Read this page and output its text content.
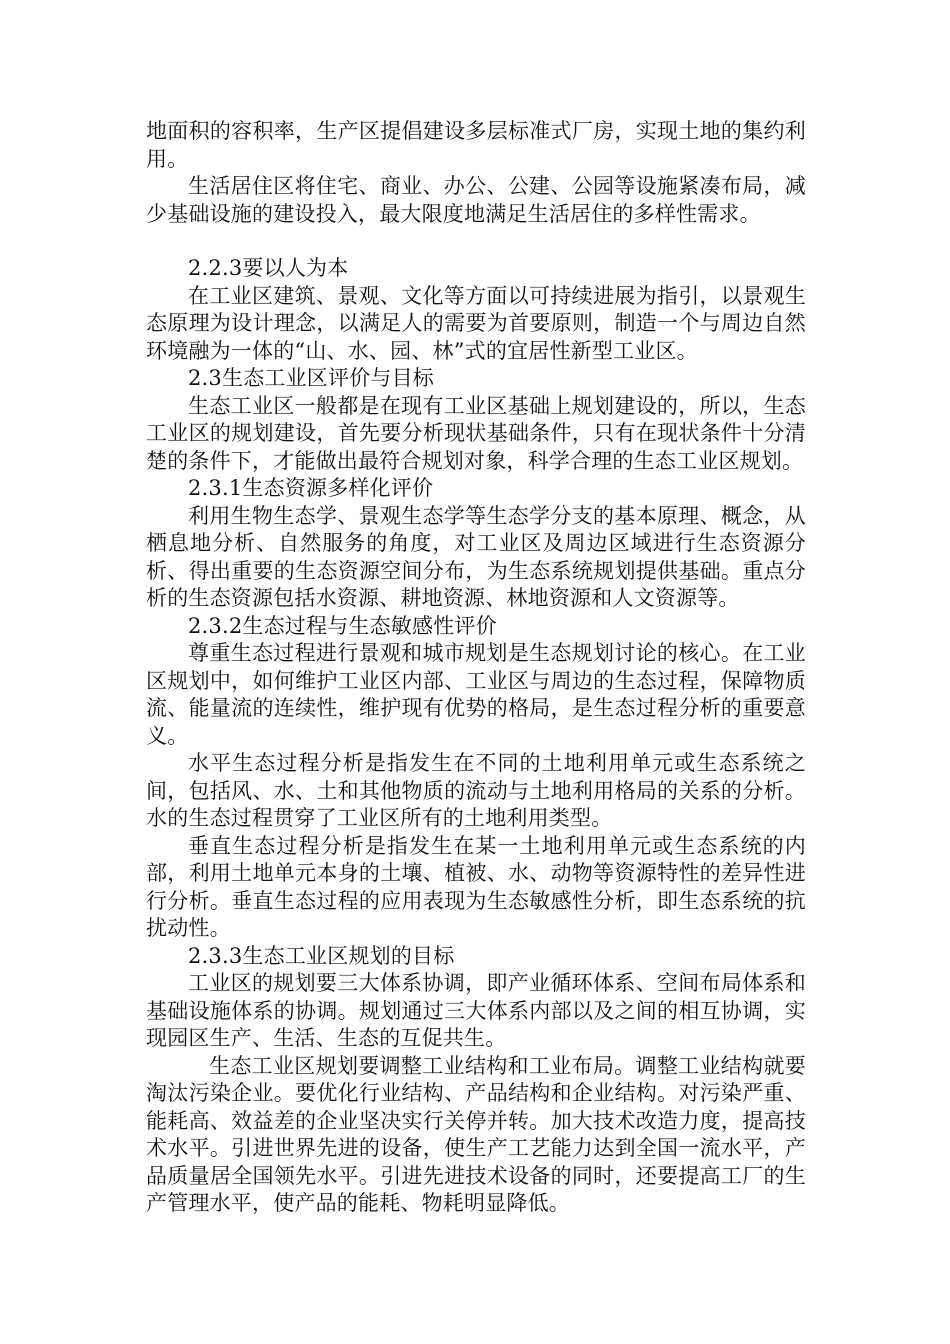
地面积的容积率，生产区提倡建设多层标准式厂房，实现土地的集约利用。

生活居住区将住宅、商业、办公、公建、公园等设施紧凑布局，减少基础设施的建设投入，最大限度地满足生活居住的多样性需求。

2.2.3要以人为本

在工业区建筑、景观、文化等方面以可持续进展为指引，以景观生态原理为设计理念，以满足人的需要为首要原则，制造一个与周边自然环境融为一体的“山、水、园、林”式的宜居性新型工业区。

2.3生态工业区评价与目标

生态工业区一般都是在现有工业区基础上规划建设的，所以，生态工业区的规划建设，首先要分析现状基础条件，只有在现状条件十分清楚的条件下，才能做出最符合规划对象，科学合理的生态工业区规划。

2.3.1生态资源多样化评价

利用生物生态学、景观生态学等生态学分支的基本原理、概念，从栖息地分析、自然服务的角度，对工业区及周边区域进行生态资源分析、得出重要的生态资源空间分布，为生态系统规划提供基础。重点分析的生态资源包括水资源、耕地资源、林地资源和人文资源等。

2.3.2生态过程与生态敏感性评价

尊重生态过程进行景观和城市规划是生态规划讨论的核心。在工业区规划中，如何维护工业区内部、工业区与周边的生态过程，保障物质流、能量流的连续性，维护现有优势的格局，是生态过程分析的重要意义。

水平生态过程分析是指发生在不同的土地利用单元或生态系统之间，包括风、水、土和其他物质的流动与土地利用格局的关系的分析。水的生态过程贯穿了工业区所有的土地利用类型。

垂直生态过程分析是指发生在某一土地利用单元或生态系统的内部，利用土地单元本身的土壤、植被、水、动物等资源特性的差异性进行分析。垂直生态过程的应用表现为生态敏感性分析，即生态系统的抗扰动性。

2.3.3生态工业区规划的目标

工业区的规划要三大体系协调，即产业循环体系、空间布局体系和基础设施体系的协调。规划通过三大体系内部以及之间的相互协调，实现园区生产、生活、生态的互促共生。

生态工业区规划要调整工业结构和工业布局。调整工业结构就要淘汰污染企业。要优化行业结构、产品结构和企业结构。对污染严重、能耗高、效益差的企业坚决实行关停并转。加大技术改造力度，提高技术水平。引进世界先进的设备，使生产工艺能力达到全国一流水平，产品质量居全国领先水平。引进先进技术设备的同时，还要提高工厂的生产管理水平，使产品的能耗、物耗明显降低。
